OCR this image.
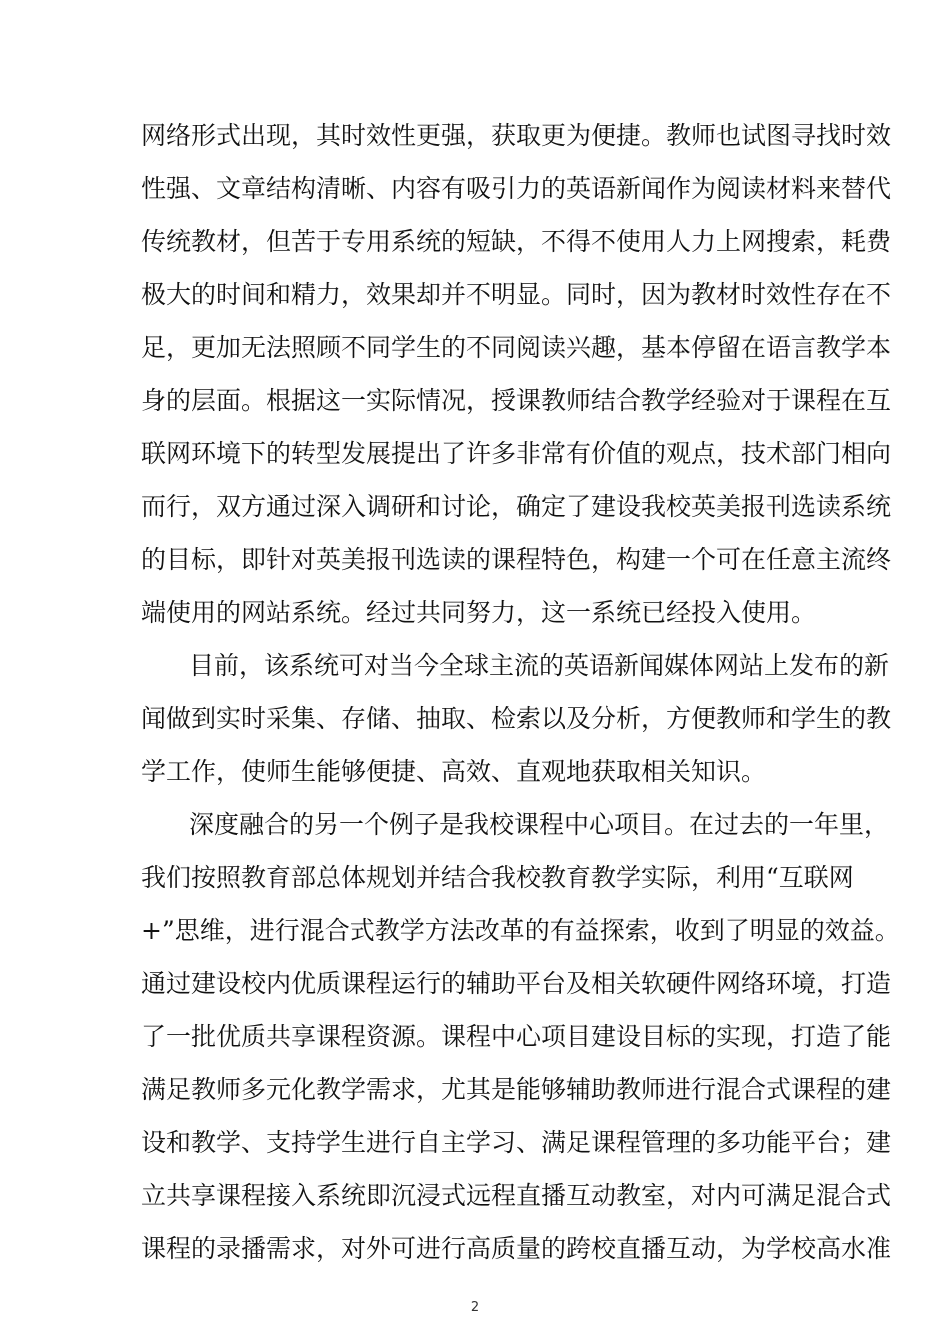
网络形式出现，其时效性更强，获取更为便捷。教师也试图寻找时效
性强、文章结构清晰、内容有吸引力的英语新闻作为阅读材料来替代
传统教材，但苦于专用系统的短缺，不得不使用人力上网搜索，耗费
极大的时间和精力，效果却并不明显。同时，因为教材时效性存在不
足，更加无法照顾不同学生的不同阅读兴趣，基本停留在语言教学本
身的层面。根据这一实际情况，授课教师结合教学经验对于课程在互
联网环境下的转型发展提出了许多非常有价值的观点，技术部门相向
而行，双方通过深入调研和讨论，确定了建设我校英美报刊选读系统
的目标，即针对英美报刊选读的课程特色，构建一个可在任意主流终
端使用的网站系统。经过共同努力，这一系统已经投入使用。
目前，该系统可对当今全球主流的英语新闻媒体网站上发布的新
闻做到实时采集、存储、抽取、检索以及分析，方便教师和学生的教
学工作，使师生能够便捷、高效、直观地获取相关知识。
深度融合的另一个例子是我校课程中心项目。在过去的一年里，
我们按照教育部总体规划并结合我校教育教学实际，利用“互联网
+”思维，进行混合式教学方法改革的有益探索，收到了明显的效益。
通过建设校内优质课程运行的辅助平台及相关软硬件网络环境，打造
了一批优质共享课程资源。课程中心项目建设目标的实现，打造了能
满足教师多元化教学需求，尤其是能够辅助教师进行混合式课程的建
设和教学、支持学生进行自主学习、满足课程管理的多功能平台；建
立共享课程接入系统即沉浸式远程直播互动教室，对内可满足混合式
课程的录播需求，对外可进行高质量的跨校直播互动，为学校高水准
2
